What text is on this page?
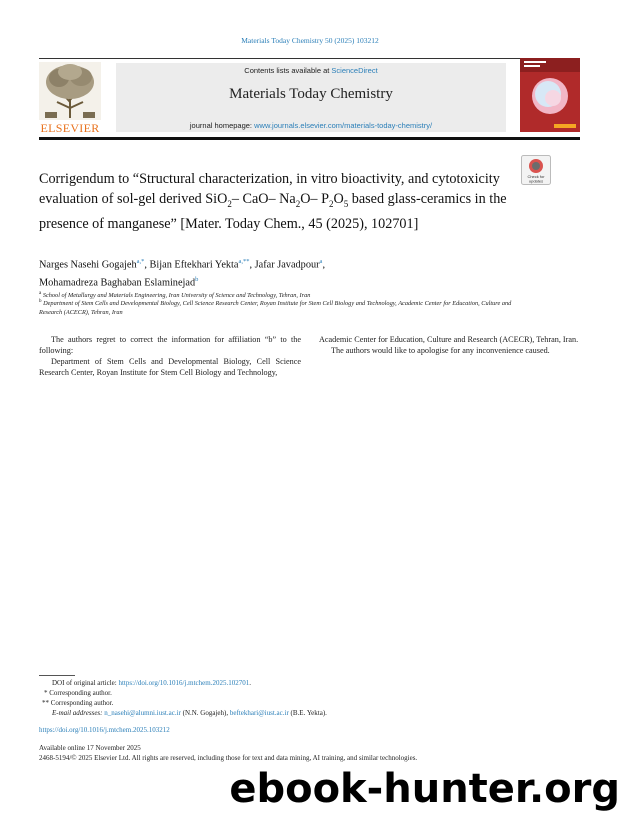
Materials Today Chemistry 50 (2025) 103212
ELSEVIER
Contents lists available at ScienceDirect
Materials Today Chemistry
journal homepage: www.journals.elsevier.com/materials-today-chemistry/
Check for
updates
Corrigendum to “Structural characterization, in vitro bioactivity, and cytotoxicity evaluation of sol-gel derived SiO$_2$– CaO– $Na_2O-$ $P_2O_5$ based glass-ceramics in the presence of manganese” [Mater. Today Chem., 45 (2025), 102701]
Narges Nasehi Gogajeh$^{a,*}$, Bijan Eftekhari Yekta$^{a,**}$, Jafar Javadpour$^a$,
Mohamadreza Baghaban Eslaminejad$^b$
$^a$ School of Metallurgy and Materials Engineering, Iran University of Science and Technology, Tehran, Iran
$^b$ Department of Stem Cells and Developmental Biology, Cell Science Research Center, Royan Institute for Stem Cell Biology and Technology, Academic Center for Education, Culture and Research (ACECR), Tehran, Iran

The authors regret to correct the information for affiliation “b” to the following:

Department of Stem Cells and Developmental Biology, Cell Science Research Center, Royan Institute for Stem Cell Biology and Technology,

Academic Center for Education, Culture and Research (ACECR), Tehran, Iran.

The authors would like to apologise for any inconvenience caused.

DOI of original article: https://doi.org/10.1016/j.mtchem.2025.102701.
* Corresponding author.
** Corresponding author.
E-mail addresses: n_nasehi@alumni.iust.ac.ir (N.N. Gogajeh), beftekhari@iust.ac.ir (B.E. Yekta).
https://doi.org/10.1016/j.mtchem.2025.103212
Available online 17 November 2025
2468-5194/© 2025 Elsevier Ltd. All rights are reserved, including those for text and data mining, AI training, and similar technologies.
ebook-hunter.org
